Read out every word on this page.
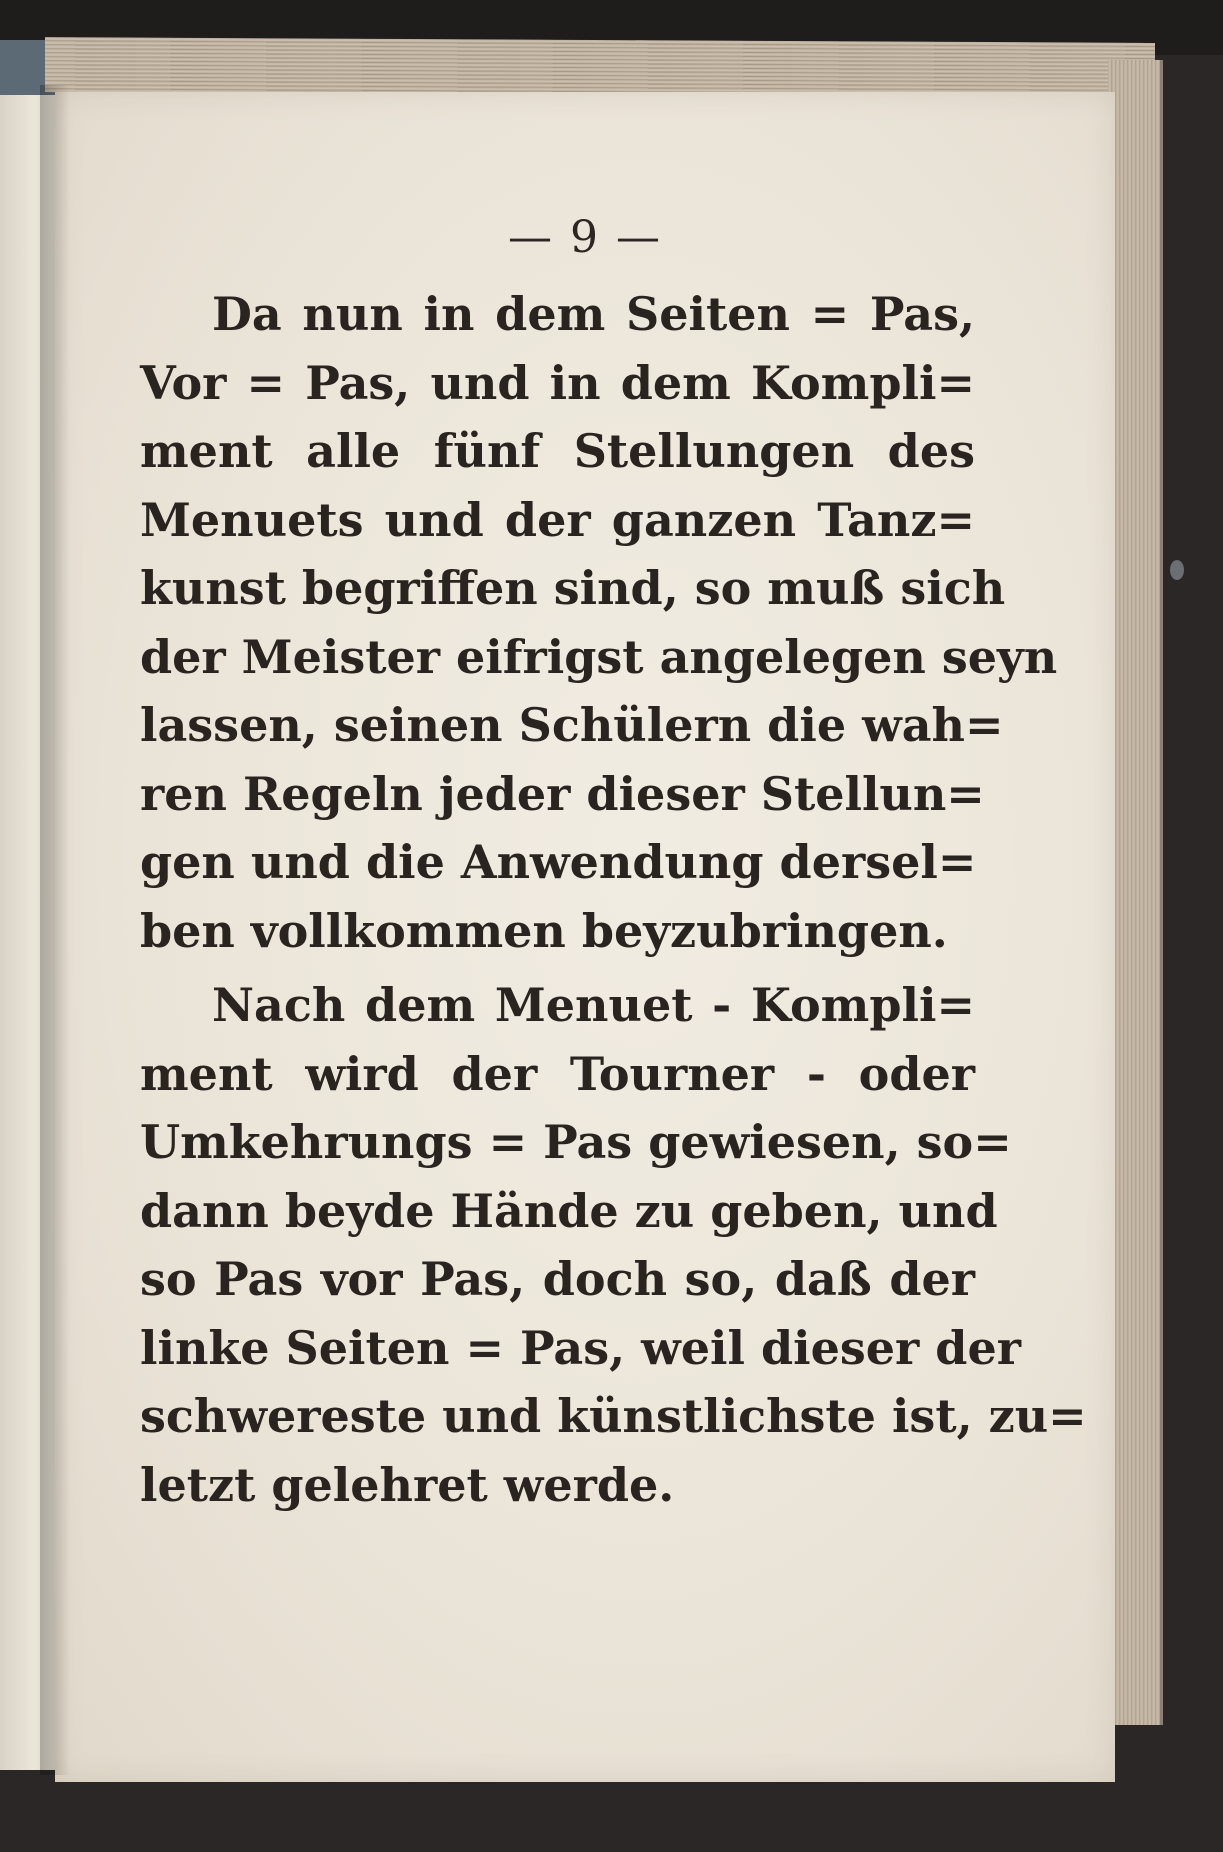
— 9 —
Da nun in dem Seiten = Pas,
Vor = Pas, und in dem Kompli=
ment alle fünf Stellungen des
Menuets und der ganzen Tanz=
kunst begriffen sind, so muß sich
der Meister eifrigst angelegen seyn
lassen, seinen Schülern die wah=
ren Regeln jeder dieser Stellun=
gen und die Anwendung dersel=
ben vollkommen beyzubringen.
Nach dem Menuet - Kompli=
ment wird der Tourner - oder
Umkehrungs = Pas gewiesen, so=
dann beyde Hände zu geben, und
so Pas vor Pas, doch so, daß der
linke Seiten = Pas, weil dieser der
schwereste und künstlichste ist, zu=
letzt gelehret werde.
